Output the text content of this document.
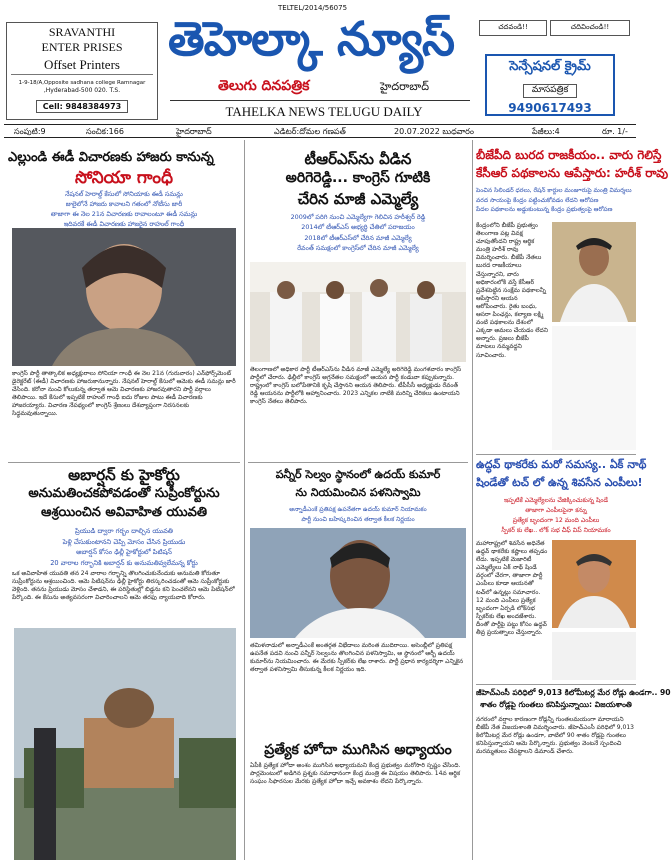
SRAVANTHI
ENTER PRISES
Offset Printers
1-9-18/A,Opposite sadhana college Ramnagar
,Hyderabad-500 020. T.S.
Cell: 9848384973
TELTEL/2014/56075
తెహెల్కా న్యూస్
తెలుగు దినపత్రిక	హైదరాబాద్
TAHELKA NEWS TELUGU DAILY
చదవండి!!	చదివించండి!!
సెన్సేషనల్ క్రైమ్
మాసపత్రిక
9490617493
సంపుటి:9	సంచిక:166	హైదరాబాద్	ఎడిటర్:దోమల గణపత్	20.07.2022 బుధవారం	పేజీలు:4	రూ. 1/-
ఎల్లుండి ఈడీ విచారణకు హాజరు కానున్న
సోనియా గాంధీ
నేషనల్ హెరాల్డ్ కేసులో సోనియాకు ఈడీ సమన్లు
జులైలోనే హాజరు కావాలని గతంలో నోటీసు జారీ
తాజాగా ఈ నెల 21న విచారణకు రావాలంటూ ఈడీ సమన్లు
ఇదివరకే ఈడీ విచారణకు హాజరైన రాహుల్ గాంధీ
కాంగ్రెస్ పార్టీ తాత్కాలిక అధ్యక్షురాలు సోనియా గాంధీ ఈ నెల 21న (గురువారం) ఎన్‌ఫోర్స్‌మెంట్ డైరెక్టరేట్ (ఈడీ) విచారణకు హాజరుకానున్నారు. నేషనల్ హెరాల్డ్ కేసులో ఆమెకు ఈడీ సమన్లు జారీ చేసింది. కరోనా నుంచి కోలుకున్న తర్వాత ఆమె విచారణకు హాజరవుతారని పార్టీ వర్గాలు తెలిపాయి. ఇదే కేసులో ఇప్పటికే రాహుల్ గాంధీ ఐదు రోజుల పాటు ఈడీ విచారణకు హాజరయ్యారు. విచారణ నేపథ్యంలో కాంగ్రెస్ శ్రేణులు దేశవ్యాప్తంగా నిరసనలకు సిద్ధమవుతున్నాయి.
అబార్షన్ కు హైకోర్టు
అనుమతించకపోవడంతో సుప్రీంకోర్టును
ఆశ్రయించిన అవివాహిత యువతి
ప్రియుడి ద్వారా గర్భం దాల్చిన యువతి
పెళ్లి చేసుకుంటానని చెప్పి మోసం చేసిన ప్రియుడు
అబార్షన్ కోసం ఢిల్లీ హైకోర్టులో పిటిషన్
20 వారాల గర్భానికి అబార్షన్ కు అనుమతివ్వలేమన్న కోర్టు
ఒక అవివాహిత యువతి తన 24 వారాల గర్భాన్ని తొలగించుకునేందుకు అనుమతి కోరుతూ సుప్రీంకోర్టును ఆశ్రయించింది. ఆమె పిటిషన్‌ను ఢిల్లీ హైకోర్టు తిరస్కరించడంతో ఆమె సుప్రీంకోర్టుకు వెళ్లింది. తనను ప్రియుడు మోసం చేశాడని, ఈ పరిస్థితుల్లో బిడ్డను కని పెంచలేనని ఆమె పిటిషన్‌లో పేర్కొంది. ఈ కేసును అత్యవసరంగా విచారించాలని ఆమె తరఫు న్యాయవాది కోరారు.
టీఆర్ఎస్‌ను వీడిన
అరిగెరెడ్డి... కాంగ్రెస్ గూటికి
చేరిన మాజీ ఎమ్మెల్యే
2009లో పరిగి నుంచి ఎమ్మెల్యేగా గెలిచిన హరీశ్వర్ రెడ్డి
2014లో టీఆర్ఎస్ అభ్యర్థి చేతిలో పరాజయం
2018లో టీఆర్ఎస్‌లో చేరిన మాజీ ఎమ్మెల్యే
రేవంత్ సమక్షంలో కాంగ్రెస్‌లో చేరిన మాజీ ఎమ్మెల్యే
తెలంగాణలో అధికార పార్టీ టీఆర్ఎస్‌ను వీడిన మాజీ ఎమ్మెల్యే అరిగెరెడ్డి మంగళవారం కాంగ్రెస్ పార్టీలో చేరారు. ఢిల్లీలో కాంగ్రెస్ అగ్రనేతల సమక్షంలో ఆయన పార్టీ కండువా కప్పుకున్నారు. రాష్ట్రంలో కాంగ్రెస్ బలోపేతానికి కృషి చేస్తానని ఆయన తెలిపారు. టీపీసీసీ అధ్యక్షుడు రేవంత్ రెడ్డి ఆయనను పార్టీలోకి ఆహ్వానించారు. 2023 ఎన్నికల నాటికి మరిన్ని చేరికలు ఉంటాయని కాంగ్రెస్ నేతలు తెలిపారు.
పన్నీర్ సెల్వం స్థానంలో ఉదయ్ కుమార్
ను నియమించిన పళనిస్వామి
అన్నాడీఎంకే ప్రతిపక్ష ఉపనేతగా ఉదయ్ కుమార్ నియామకం
పార్టీ నుంచి బహిష్కరించిన తర్వాత కీలక నిర్ణయం
తమిళనాడులో అన్నాడీఎంకే అంతర్గత విభేదాలు మరింత ముదిరాయి. అసెంబ్లీలో ప్రతిపక్ష ఉపనేత పదవి నుంచి పన్నీర్ సెల్వంను తొలగించిన పళనిస్వామి, ఆ స్థానంలో ఆర్బీ ఉదయ్ కుమార్‌ను నియమించారు. ఈ మేరకు స్పీకర్‌కు లేఖ రాశారు. పార్టీ ప్రధాన కార్యదర్శిగా ఎన్నికైన తర్వాత పళనిస్వామి తీసుకున్న కీలక నిర్ణయం ఇది.
ప్రత్యేక హోదా ముగిసిన అధ్యాయం
ఏపీకి ప్రత్యేక హోదా అంశం ముగిసిన అధ్యాయమని కేంద్ర ప్రభుత్వం మరోసారి స్పష్టం చేసింది. పార్లమెంటులో అడిగిన ప్రశ్నకు సమాధానంగా కేంద్ర మంత్రి ఈ విషయం తెలిపారు. 14వ ఆర్థిక సంఘం సిఫారసుల మేరకు ప్రత్యేక హోదా ఇచ్చే అవకాశం లేదని పేర్కొన్నారు.
బీజేపీది బురద రాజకీయం.. వారు గెలిస్తే
కేసీఆర్ పథకాలను ఆపేస్తారు: హరీశ్ రావు
పెంచిన సిలిండర్ ధరలు, రేషన్ కార్డుల మంజూరుపై మంత్రి విమర్శలు
వరద సాయంపై కేంద్రం పట్టించుకోవడం లేదని ఆరోపణ
పేదల పథకాలను అడ్డుకుంటున్న కేంద్రం ప్రభుత్వంపై ఆరోపణ
కేంద్రంలోని బీజేపీ ప్రభుత్వం తెలంగాణ పట్ల వివక్ష చూపుతోందని రాష్ట్ర ఆర్థిక మంత్రి హరీశ్ రావు విమర్శించారు. బీజేపీ నేతలు బురద రాజకీయాలు చేస్తున్నారని, వారు అధికారంలోకి వస్తే కేసీఆర్ ప్రవేశపెట్టిన సంక్షేమ పథకాలన్నీ ఆపేస్తారని ఆయన ఆరోపించారు. రైతు బంధు, ఆసరా పింఛన్లు, కల్యాణ లక్ష్మి వంటి పథకాలను దేశంలో ఎక్కడా అమలు చేయడం లేదని అన్నారు. ప్రజలు బీజేపీ మాటలు నమ్మవద్దని సూచించారు.
ఉద్ధవ్ థాకరేకు మరో సమస్య.. ఏక్ నాథ్
షిండేతో టచ్ లో ఉన్న శివసేన ఎంపీలు!
ఇప్పటికే ఎమ్మెల్యేలను చేజిక్కించుకున్న షిండే
తాజాగా ఎంపీలపైనా కన్ను
ప్రత్యేక బృందంగా 12 మంది ఎంపీలు
స్పీకర్ కు లేఖ.. లోక్ సభ చీఫ్ విప్ నియామకం
మహారాష్ట్రలో శివసేన అధినేత ఉద్ధవ్ థాకరేకు కష్టాలు తప్పడం లేదు. ఇప్పటికే మెజారిటీ ఎమ్మెల్యేలు ఏక్ నాథ్ షిండే వర్గంలో చేరగా, తాజాగా పార్టీ ఎంపీలు కూడా ఆయనతో టచ్‌లో ఉన్నట్లు సమాచారం. 12 మంది ఎంపీలు ప్రత్యేక బృందంగా ఏర్పడి లోక్‌సభ స్పీకర్‌కు లేఖ అందజేశారు. దీంతో పార్టీపై పట్టు కోసం ఉద్ధవ్ తీవ్ర ప్రయత్నాలు చేస్తున్నారు.
జీహెచ్ఎంసీ పరిధిలో 9,013 కిలోమీటర్ల మేర రోడ్లు ఉండగా.. 90
శాతం రోడ్లపై గుంతలు కనిపిస్తున్నాయి: విజయశాంతి
నగరంలో వర్షాల కారణంగా రోడ్లన్నీ గుంతలమయంగా మారాయని బీజేపీ నేత విజయశాంతి విమర్శించారు. జీహెచ్ఎంసీ పరిధిలో 9,013 కిలోమీటర్ల మేర రోడ్లు ఉండగా, వాటిలో 90 శాతం రోడ్లపై గుంతలు కనిపిస్తున్నాయని ఆమె పేర్కొన్నారు. ప్రభుత్వం వెంటనే స్పందించి మరమ్మతులు చేపట్టాలని డిమాండ్ చేశారు.
